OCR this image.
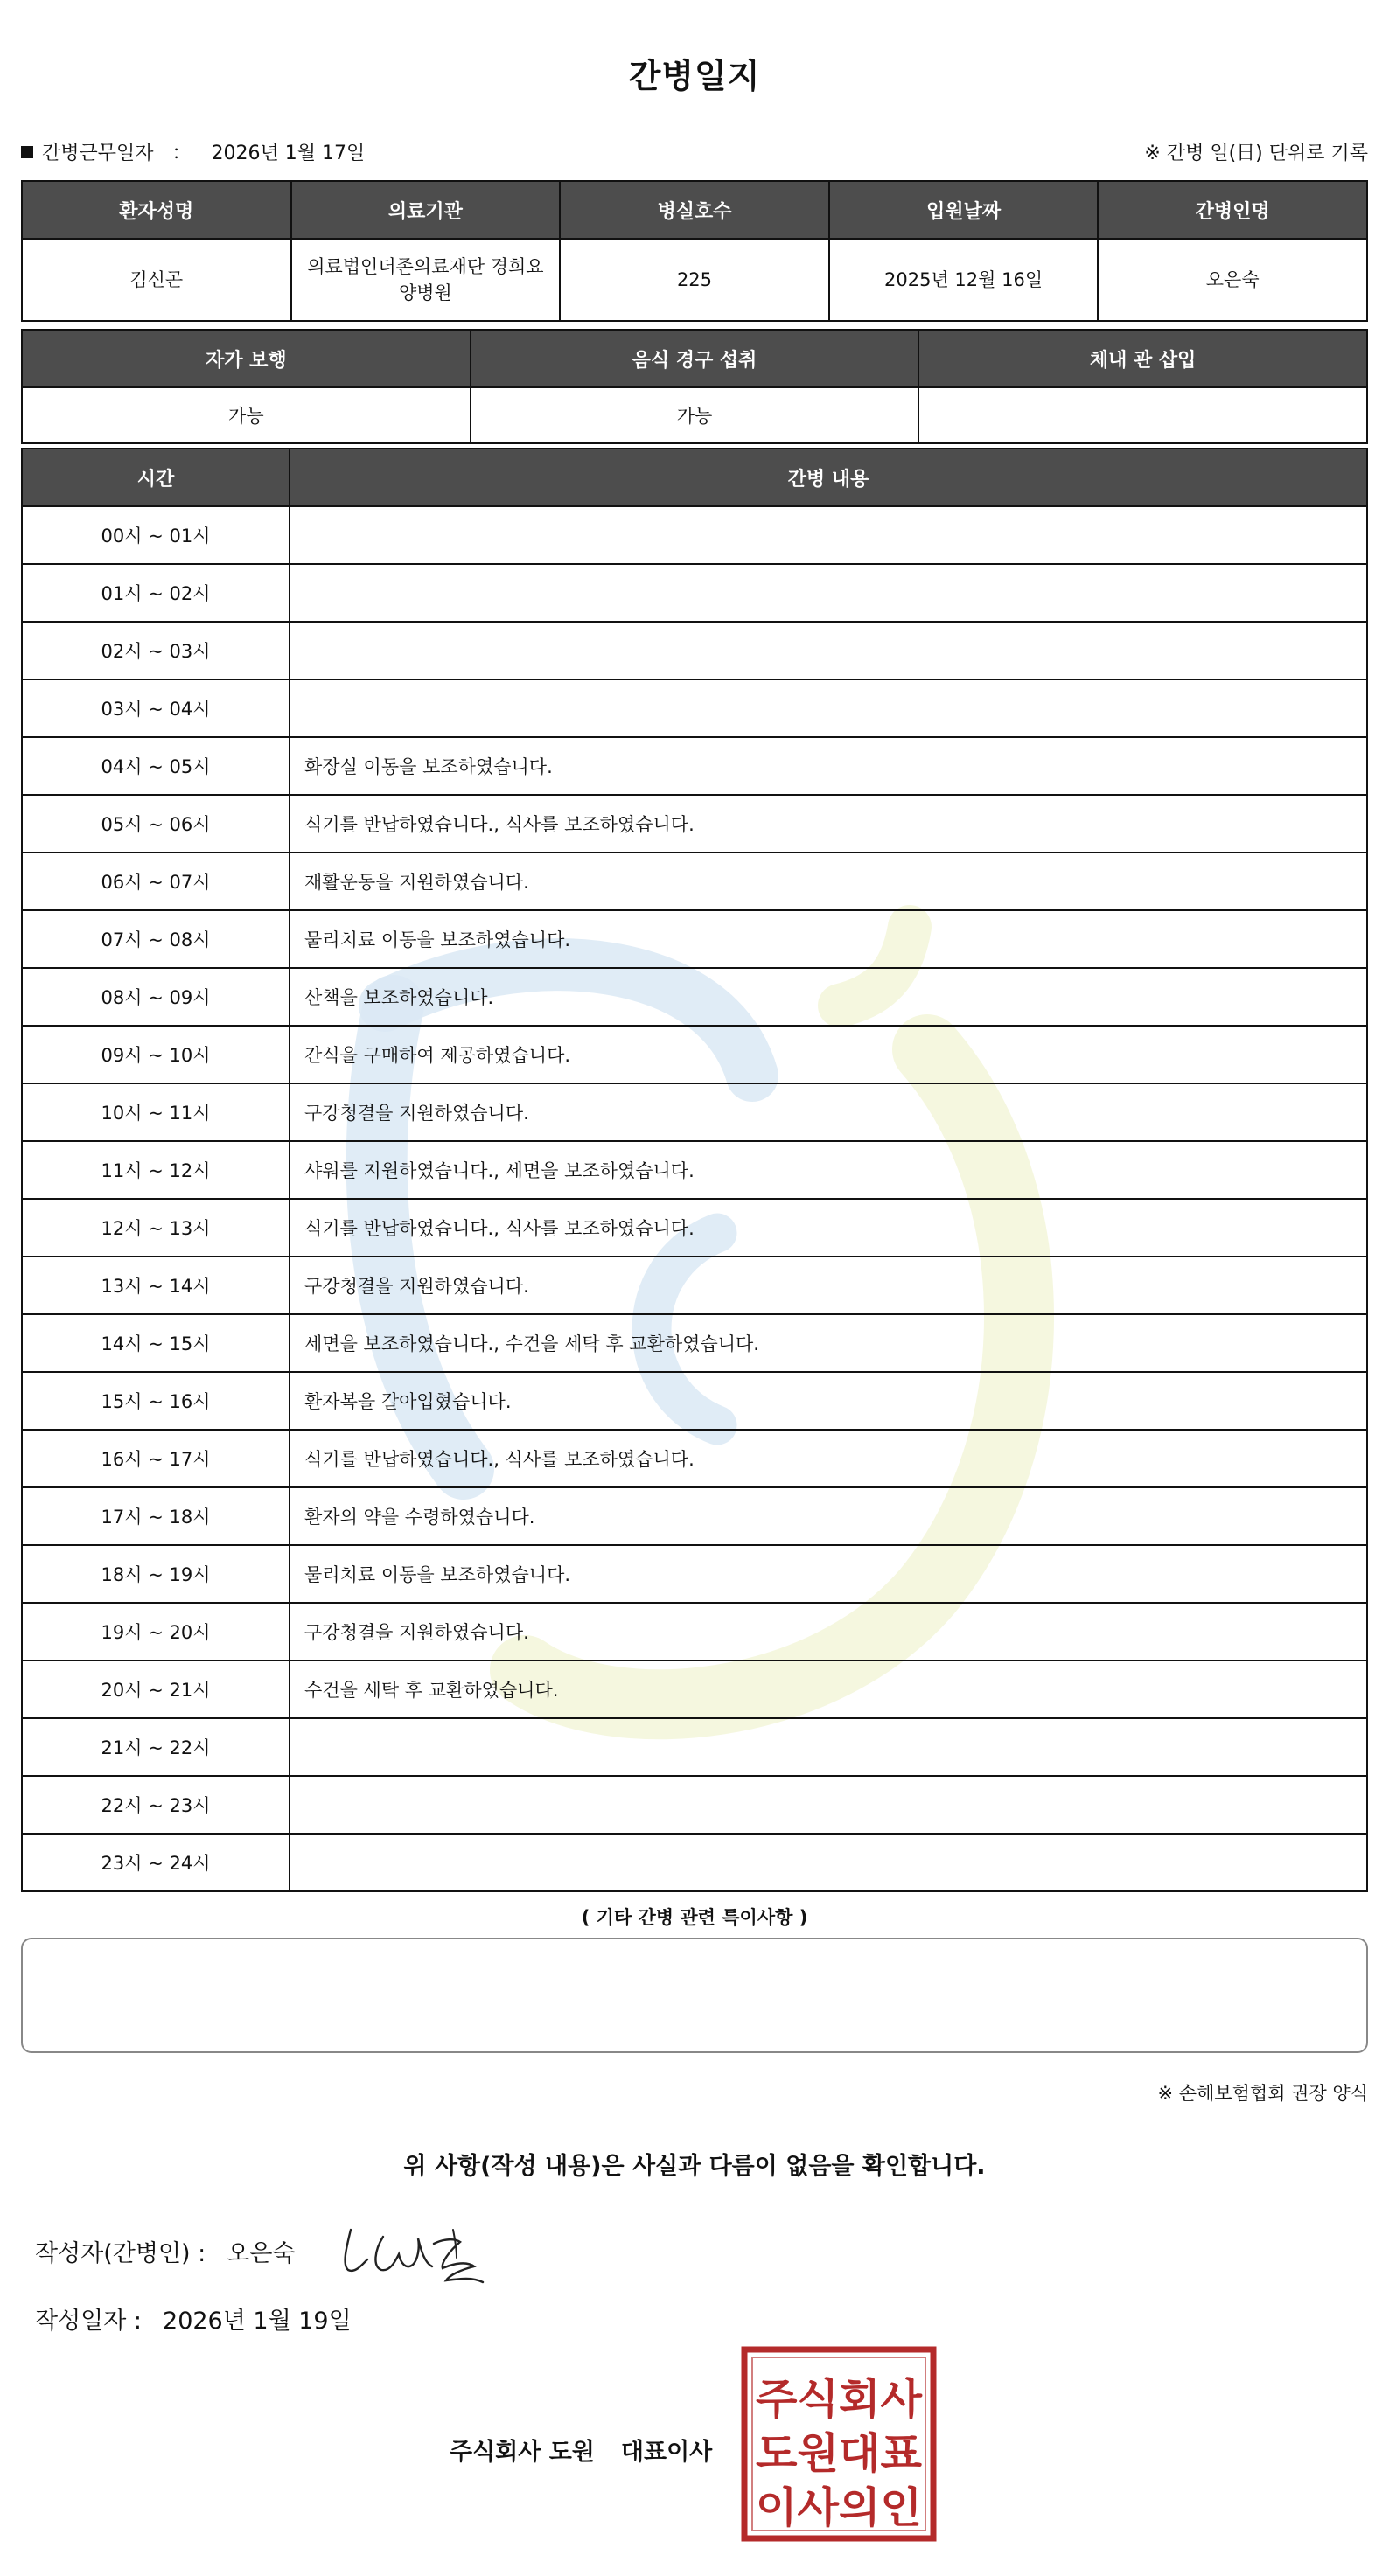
간병일지
간병근무일자 ： 2026년 1월 17일	※ 간병 일(日) 단위로 기록
환자성명	의료기관	병실호수	입원날짜	간병인명
김신곤	의료법인더존의료재단 경희요양병원	225	2025년 12월 16일	오은숙
자가 보행	음식 경구 섭취	체내 관 삽입
가능	가능	
시간	간병 내용
00시 ~ 01시	
01시 ~ 02시	
02시 ~ 03시	
03시 ~ 04시	
04시 ~ 05시	화장실 이동을 보조하였습니다.
05시 ~ 06시	식기를 반납하였습니다., 식사를 보조하였습니다.
06시 ~ 07시	재활운동을 지원하였습니다.
07시 ~ 08시	물리치료 이동을 보조하였습니다.
08시 ~ 09시	산책을 보조하였습니다.
09시 ~ 10시	간식을 구매하여 제공하였습니다.
10시 ~ 11시	구강청결을 지원하였습니다.
11시 ~ 12시	샤워를 지원하였습니다., 세면을 보조하였습니다.
12시 ~ 13시	식기를 반납하였습니다., 식사를 보조하였습니다.
13시 ~ 14시	구강청결을 지원하였습니다.
14시 ~ 15시	세면을 보조하였습니다., 수건을 세탁 후 교환하였습니다.
15시 ~ 16시	환자복을 갈아입혔습니다.
16시 ~ 17시	식기를 반납하였습니다., 식사를 보조하였습니다.
17시 ~ 18시	환자의 약을 수령하였습니다.
18시 ~ 19시	물리치료 이동을 보조하였습니다.
19시 ~ 20시	구강청결을 지원하였습니다.
20시 ~ 21시	수건을 세탁 후 교환하였습니다.
21시 ~ 22시	
22시 ~ 23시	
23시 ~ 24시	
( 기타 간병 관련 특이사항 )
※ 손해보험협회 권장 양식
위 사항(작성 내용)은 사실과 다름이 없음을 확인합니다.
작성자(간병인) : 오은숙
작성일자 : 2026년 1월 19일
주식회사 도원 대표이사
주식회사
도원대표
이사의인
